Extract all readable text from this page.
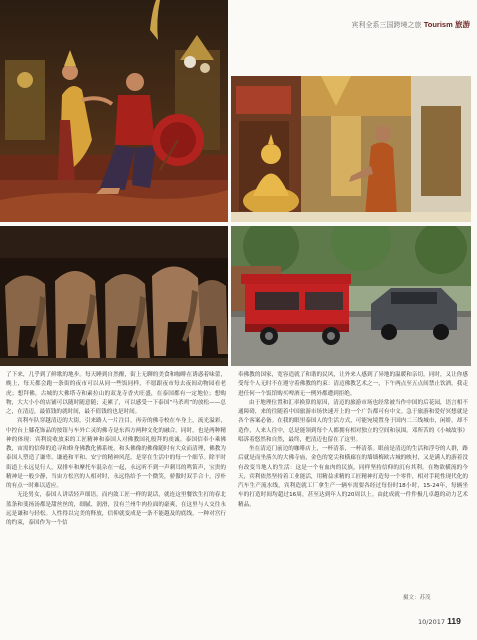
宾利全系三国跨境之旅 Tourism 旅游

了下来，几乎到了鲜歌的地步。每天睡到自然醒，街上无聊的美食和咖啡在诱惑着味蕾，晚上，每天都会跑一条街的夜市可以从同一些饭同样，不愿跟夜市每去夜间动物园看老虎；想拜佛，古城的大佛塔寺和素拉山的双龙寺香火旺盛，在泰国都有一定地位；想购物，大大小小的店铺可以随时随意随；走累了，可以感受一下泰国“马杀鸡”的放松——总之，在清迈，最值钱的就时间，最不值钱的也是时间。

宾利车队穿越清迈的大街，引来路人一片注目。再旁的佛寺校在车身上，流光溢彩，中控台上膝花饰品的按钮与车外亡灵的佛寺是东西方两种文化的融合。同时，也是两种精神的体现：宾利说收放束的工匠精神和泰国人对佛教国礼般拜的虔诚。泰国信奉小乘佛教，宙需的信仰的追寻和修身佛教化佛系统。和头佛像的佛像随时有大众而清理，佛教为泰国人塑造了谦卑、谦逊和平和、安宁的精神风范。是穿在生活中的每一个细节。除平时街道上永远見行人，双排车和摩托车混杂在一起，永远听不到一声刺耳的鸣笛声，宝贵的精神是一般少静，当宙方松宫的人相对时，永远恪给予一个微笑，骄傲时双手合十，淳朴的有点一时难以适应。

无论男女，泰国人讲话轻声细语，而内敛工匠一样的说话，就连这里餐饮生打的春北蓝条和斐扬汤都是甜丝丝的，细腻、润滑，没有兰州牛肉拉面的豪爽，在这里与人交往永远是谦和与轻松。人性得以完美的释放，信仰就变成是一条不能越及的底线，一种对宫行的约束，泰国作为一个信

奉佛教的国家，宽容造就了和谐的民风，让外来人感到了异地的温暖和亲切。同时，又让你感受每个人无时不在遵守着佛教的约束：清迈佛教艺术之一，下午两点至五点间禁止饮酒，我走进任何一个饭馆购买啤酒无一例外都遭到拒绝。

由于地理位置和汇率换算的原因，清迈的旅游市场也经常被当作中国的后花园，语言相不通障碍，来的往随着中国旅游市场快速开上的一个广告都可有中文。急于旅游和爱好冥想就是各个客案必备。在我的眼里泰国人的生活方式，可能宛境置身于国内二三线城市，闲娇，却不造作，人来人往中，总是能领到每个人都拥有相对独立的空间和氛围。邓所苦的《小城故事》唱诉着悠然和自然，最终，把清迈也留在了这里。

坐在清迈门前边的咖啡店上，一杯清茶，一杯清茶。眼前是清迈的生活和浮夸的人群，路后就是而坐落久的大佛寺庙，金色的宽尖和横廊在的墙墙梅欧古城的映衬，又是满人的游着没有改变当地人的生活：这是一个有血肉的民族，同样坚持信仰的沉有其利。在物欲横流的今天，宾利依然坚持着工业能活，用精益求精的工匠精神打造每一个零件，相对手耗性现代化的汽车生产流水线，宾利造就工厂拿生产一辆车需要各经过每份时18小时，15-24年，每辆坐车的打造时间均超过16周，甚至达到年人的20周以上。由此成就一件件极几卓越的动力艺术精品。

摄文：苏茂
10/2017 119
